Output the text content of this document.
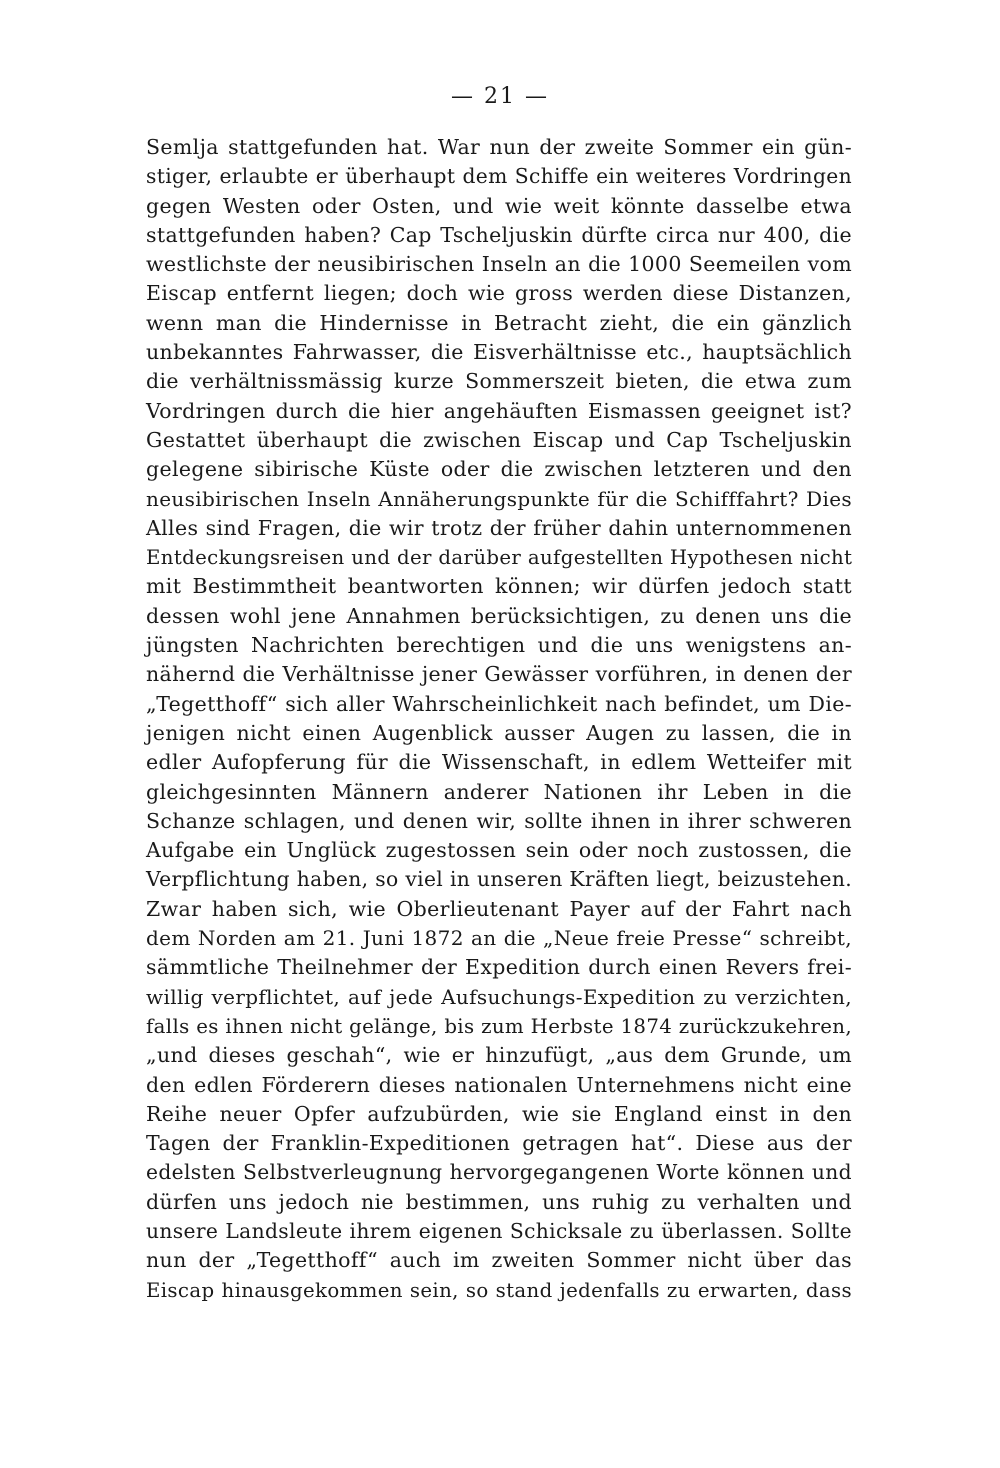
— 21 —
Semlja stattgefunden hat. War nun der zweite Sommer ein gün-
stiger, erlaubte er überhaupt dem Schiffe ein weiteres Vordringen
gegen Westen oder Osten, und wie weit könnte dasselbe etwa
stattgefunden haben? Cap Tscheljuskin dürfte circa nur 400, die
westlichste der neusibirischen Inseln an die 1000 Seemeilen vom
Eiscap entfernt liegen; doch wie gross werden diese Distanzen,
wenn man die Hindernisse in Betracht zieht, die ein gänzlich
unbekanntes Fahrwasser, die Eisverhältnisse etc., hauptsächlich
die verhältnissmässig kurze Sommerszeit bieten, die etwa zum
Vordringen durch die hier angehäuften Eismassen geeignet ist?
Gestattet überhaupt die zwischen Eiscap und Cap Tscheljuskin
gelegene sibirische Küste oder die zwischen letzteren und den
neusibirischen Inseln Annäherungspunkte für die Schifffahrt? Dies
Alles sind Fragen, die wir trotz der früher dahin unternommenen
Entdeckungsreisen und der darüber aufgestellten Hypothesen nicht
mit Bestimmtheit beantworten können; wir dürfen jedoch statt
dessen wohl jene Annahmen berücksichtigen, zu denen uns die
jüngsten Nachrichten berechtigen und die uns wenigstens an-
nähernd die Verhältnisse jener Gewässer vorführen, in denen der
„Tegetthoff“ sich aller Wahrscheinlichkeit nach befindet, um Die-
jenigen nicht einen Augenblick ausser Augen zu lassen, die in
edler Aufopferung für die Wissenschaft, in edlem Wetteifer mit
gleichgesinnten Männern anderer Nationen ihr Leben in die
Schanze schlagen, und denen wir, sollte ihnen in ihrer schweren
Aufgabe ein Unglück zugestossen sein oder noch zustossen, die
Verpflichtung haben, so viel in unseren Kräften liegt, beizustehen.
Zwar haben sich, wie Oberlieutenant Payer auf der Fahrt nach
dem Norden am 21. Juni 1872 an die „Neue freie Presse“ schreibt,
sämmtliche Theilnehmer der Expedition durch einen Revers frei-
willig verpflichtet, auf jede Aufsuchungs-Expedition zu verzichten,
falls es ihnen nicht gelänge, bis zum Herbste 1874 zurückzukehren,
„und dieses geschah“, wie er hinzufügt, „aus dem Grunde, um
den edlen Förderern dieses nationalen Unternehmens nicht eine
Reihe neuer Opfer aufzubürden, wie sie England einst in den
Tagen der Franklin-Expeditionen getragen hat“. Diese aus der
edelsten Selbstverleugnung hervorgegangenen Worte können und
dürfen uns jedoch nie bestimmen, uns ruhig zu verhalten und
unsere Landsleute ihrem eigenen Schicksale zu überlassen. Sollte
nun der „Tegetthoff“ auch im zweiten Sommer nicht über das
Eiscap hinausgekommen sein, so stand jedenfalls zu erwarten, dass
